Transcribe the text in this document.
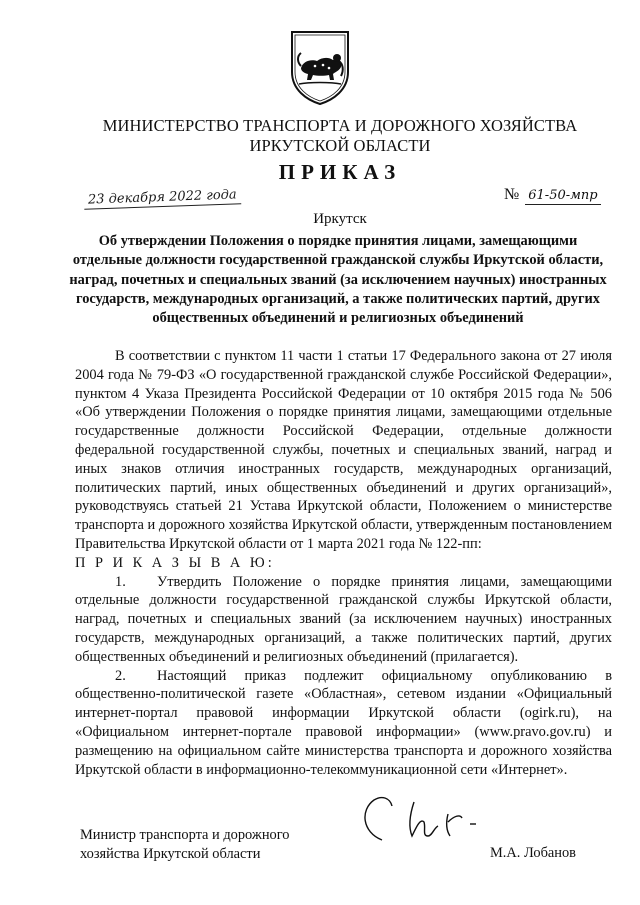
МИНИСТЕРСТВО ТРАНСПОРТА И ДОРОЖНОГО ХОЗЯЙСТВА
ИРКУТСКОЙ ОБЛАСТИ
ПРИКАЗ
23 декабря 2022 года	№ 61-50-мпр
Иркутск
Об утверждении Положения о порядке принятия лицами, замещающими отдельные должности государственной гражданской службы Иркутской области, наград, почетных и специальных званий (за исключением научных) иностранных государств, международных организаций, а также политических партий, других общественных объединений и религиозных объединений

В соответствии с пунктом 11 части 1 статьи 17 Федерального закона от 27 июля 2004 года № 79-ФЗ «О государственной гражданской службе Российской Федерации», пунктом 4 Указа Президента Российской Федерации от 10 октября 2015 года № 506 «Об утверждении Положения о порядке принятия лицами, замещающими отдельные государственные должности Российской Федерации, отдельные должности федеральной государственной службы, почетных и специальных званий, наград и иных знаков отличия иностранных государств, международных организаций, политических партий, иных общественных объединений и других организаций», руководствуясь статьей 21 Устава Иркутской области, Положением о министерстве транспорта и дорожного хозяйства Иркутской области, утвержденным постановлением Правительства Иркутской области от 1 марта 2021 года № 122-пп:

П Р И К А З Ы В А Ю:

1. Утвердить Положение о порядке принятия лицами, замещающими отдельные должности государственной гражданской службы Иркутской области, наград, почетных и специальных званий (за исключением научных) иностранных государств, международных организаций, а также политических партий, других общественных объединений и религиозных объединений (прилагается).

2. Настоящий приказ подлежит официальному опубликованию в общественно-политической газете «Областная», сетевом издании «Официальный интернет-портал правовой информации Иркутской области (ogirk.ru), на «Официальном интернет-портале правовой информации» (www.pravo.gov.ru) и размещению на официальном сайте министерства транспорта и дорожного хозяйства Иркутской области в информационно-телекоммуникационной сети «Интернет».

Министр транспорта и дорожного
хозяйства Иркутской области	М.А. Лобанов
